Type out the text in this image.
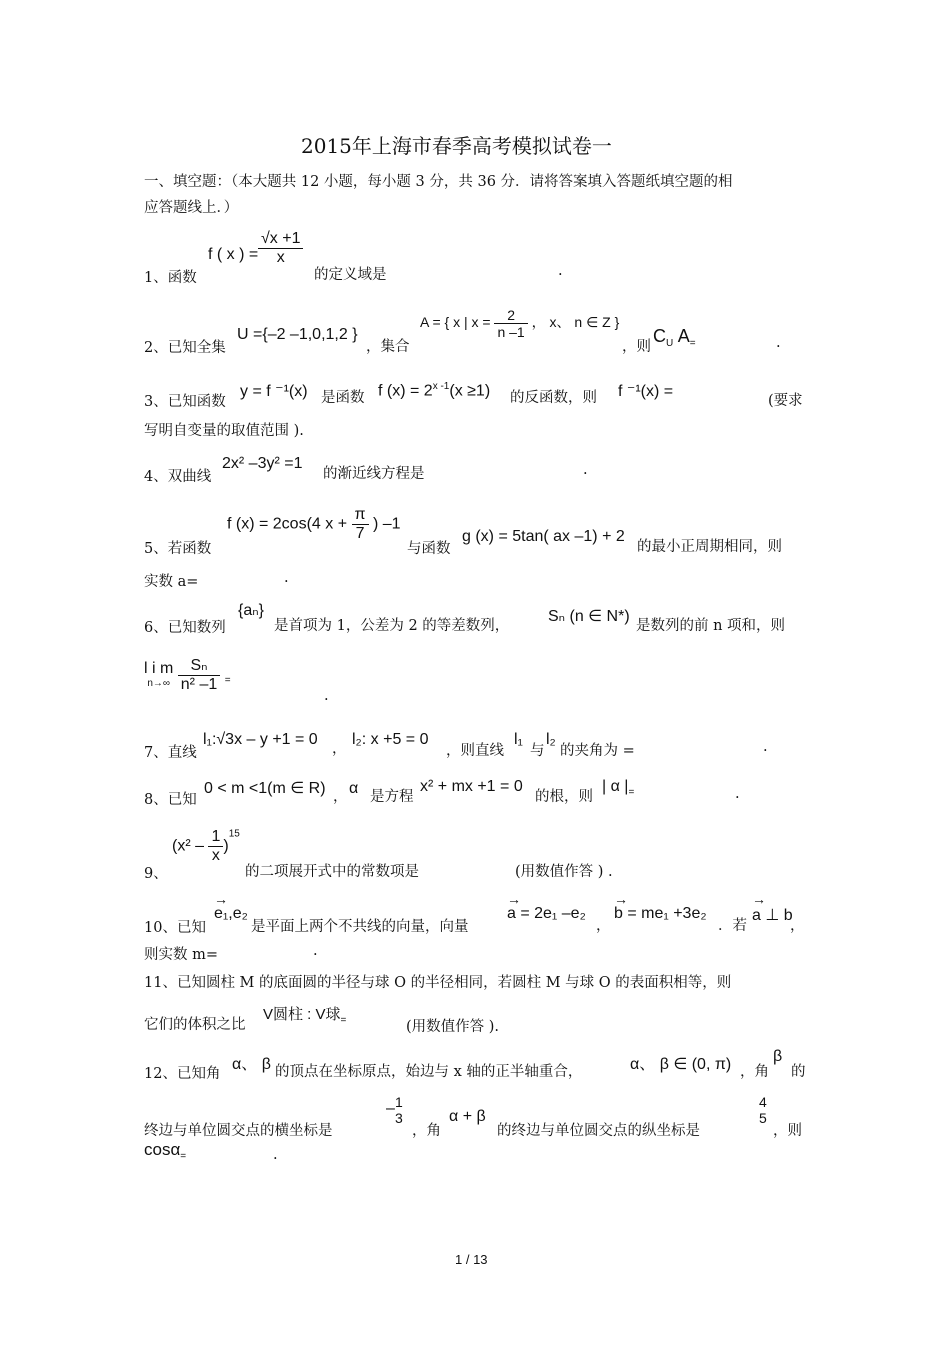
2015年上海市春季高考模拟试卷一
一、填空题：（本大题共 12 小题，每小题 3 分，共 36 分．请将答案填入答题纸填空题的相
应答题线上．）
1、函数
f ( x ) = $\frac{√x +1}{x}$
的定义域是	.
2、已知全集
U ={–2 –1,0,1,2 }
，集合
A = { x | $x = \frac{2}{n -1}$ ， x、 n ∈ Z }
，则
$C_U$ $A_=$	.
3、已知函数
y = f ⁻¹(x) 是函数 f $(x) = 2^{x -1}(x \ge 1)$ 的反函数，则 f ⁻¹(x) =
(要求
写明自变量的取值范围 ).
4、双曲线
2x² –3y² =1
的渐近线方程是	.
5、若函数
f (x) = 2cos(4 $x + \frac{\pi}{7}$ ) –1
与函数
g (x) = 5tan( ax –1) + 2
的最小正周期相同，则
实数 a=	.
6、已知数列
{aₙ}
是首项为 1，公差为 2 的等差数列，
Sₙ (n ∈ N*)
是数列的前 n 项和，则
l i m
n→∞
$\frac{\text{Sₙ}}{\text{n² –1}} _=$
.
7、直线
l₁:√3x – y +1 = 0
，
l₂: x +5 = 0
，则直线
l₁
与
l₂
的夹角为 =	.
8、已知
0 < m <1(m ∈ R) ， α 是方程
x² + mx +1 = 0
的根，则
| α $|_=$	.
9、
$(x^2 - \frac{1}{x} )^{15}$
的二项展开式中的常数项是	(用数值作答 ) .
10、已知
→ e₁,e₂
是平面上两个不共线的向量，向量
→ a = 2e₁ –e₂
，
→ b = me₁ +3e₂
．若
→ a ⊥ b
，
则实数 m=	.
11、已知圆柱 M 的底面圆的半径与球 O 的半径相同，若圆柱 M 与球 O 的表面积相等，则
它们的体积之比
V圆柱 : V球$_=$	(用数值作答 ).
12、已知角
α、 β 的顶点在坐标原点，始边与 x 轴的正半轴重合，	α、 β ∈ (0, π) ，角
β
的
终边与单位圆交点的横坐标是
– 1
3
，角
α + β
的终边与单位圆交点的纵坐标是
4
5
，则
cosα$_=$	.
1 / 13
